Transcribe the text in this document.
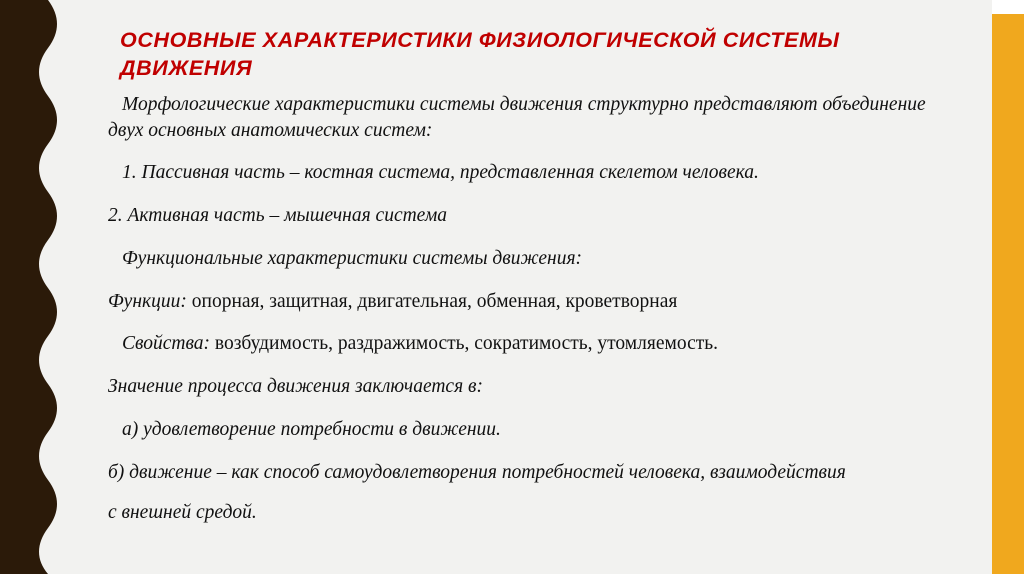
ОСНОВНЫЕ ХАРАКТЕРИСТИКИ ФИЗИОЛОГИЧЕСКОЙ СИСТЕМЫ ДВИЖЕНИЯ

Морфологические характеристики системы движения структурно представляют объединение двух основных анатомических систем:

1. Пассивная часть – костная система, представленная скелетом человека.

2. Активная часть – мышечная система

Функциональные характеристики системы движения:

Функции: опорная, защитная, двигательная, обменная, кроветворная

Свойства: возбудимость, раздражимость, сократимость, утомляемость.

Значение процесса движения заключается в:

а) удовлетворение потребности в движении.

б) движение – как способ самоудовлетворения потребностей человека, взаимодействия

с внешней средой.
